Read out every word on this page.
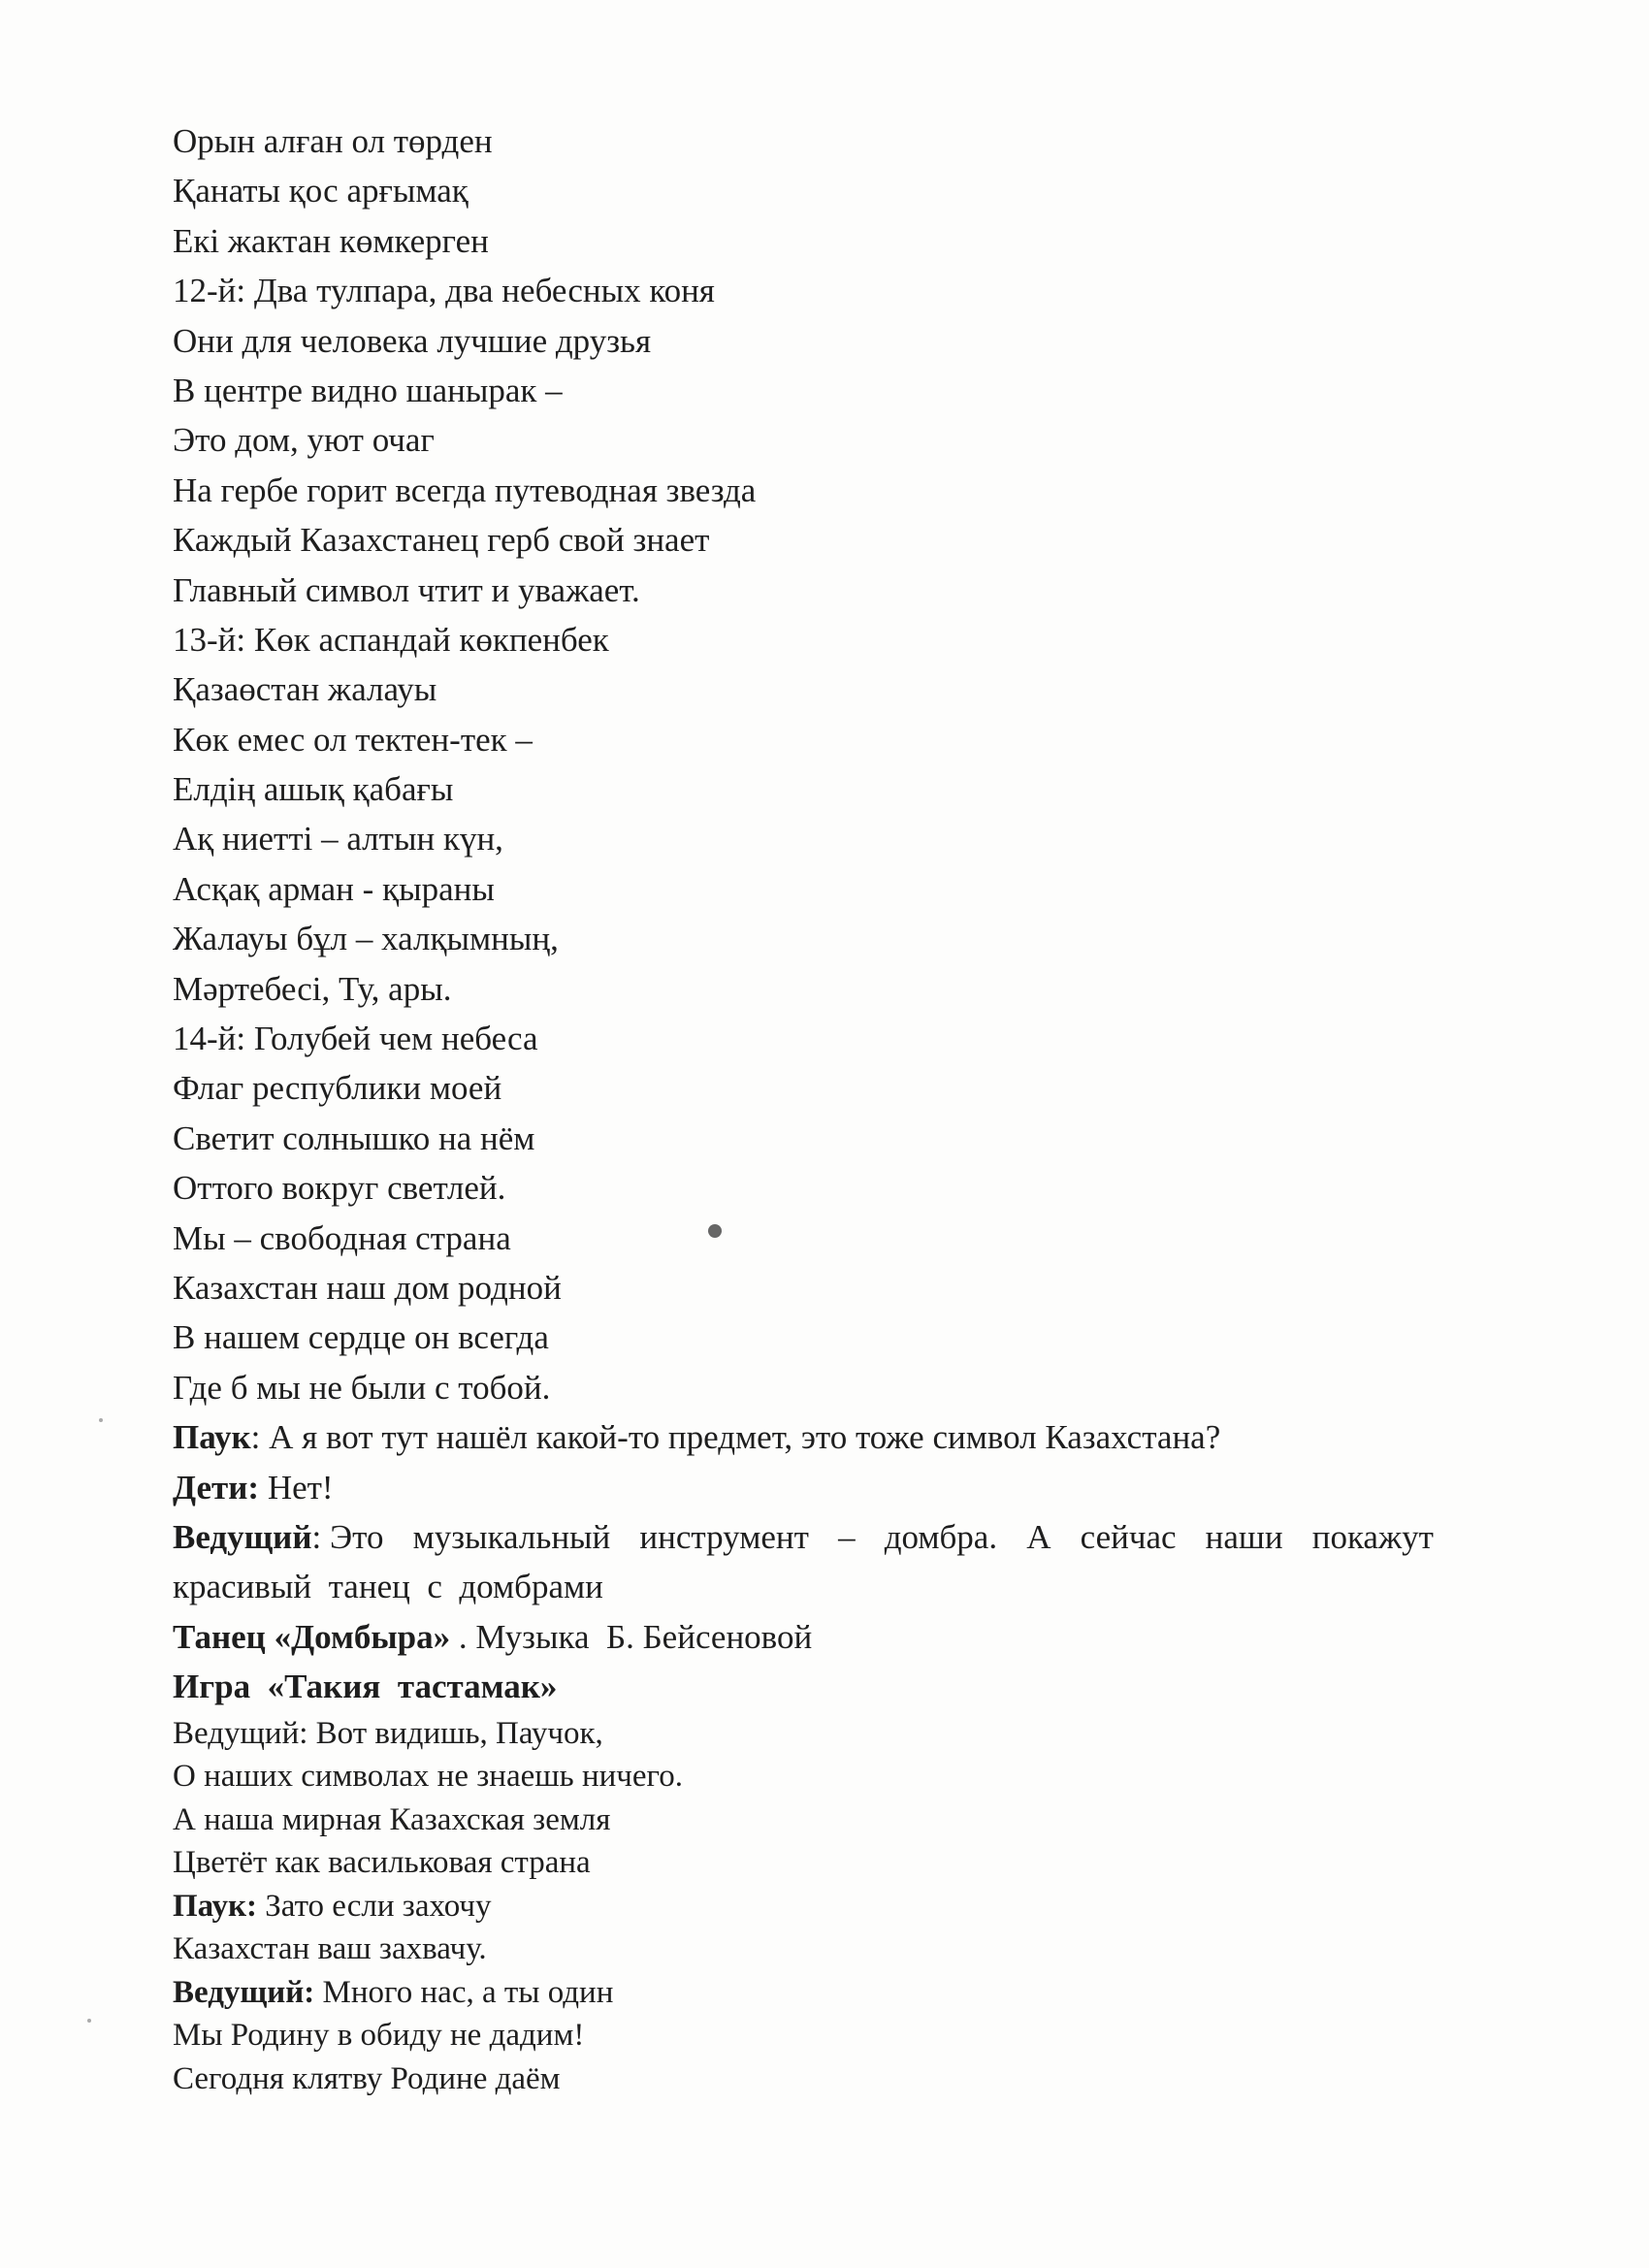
Орын алған ол төрден
Қанаты қос арғымақ
Екі жактан көмкерген
12-й: Два тулпара, два небесных коня
Они для человека лучшие друзья
В центре видно шанырак –
Это дом, уют очаг
На гербе горит всегда путеводная звезда
Каждый Казахстанец герб свой знает
Главный символ чтит и уважает.
13-й: Көк аспандай көкпенбек
Қазаөстан жалауы
Көк емес ол тектен-тек –
Елдің ашық қабағы
Ақ ниетті – алтын күн,
Асқақ арман - қыраны
Жалауы бұл – халқымның,
Мәртебесі, Ту, ары.
14-й: Голубей чем небеса
Флаг республики моей
Светит солнышко на нём
Оттого вокруг светлей.
Мы – свободная страна
Казахстан наш дом родной
В нашем сердце он всегда
Где б мы не были с тобой.
Паук: А я вот тут нашёл какой-то предмет, это тоже символ Казахстана?
Дети: Нет!
Ведущий: Это музыкальный инструмент – домбра. А сейчас наши покажут
красивый  танец  с  домбрами
Танец «Домбыра» . Музыка  Б. Бейсеновой
Игра  «Такия  тастамак»
Ведущий: Вот видишь, Паучок,
О наших символах не знаешь ничего.
А наша мирная Казахская земля
Цветёт как васильковая страна
Паук: Зато если захочу
Казахстан ваш захвачу.
Ведущий: Много нас, а ты один
Мы Родину в обиду не дадим!
Сегодня клятву Родине даём
